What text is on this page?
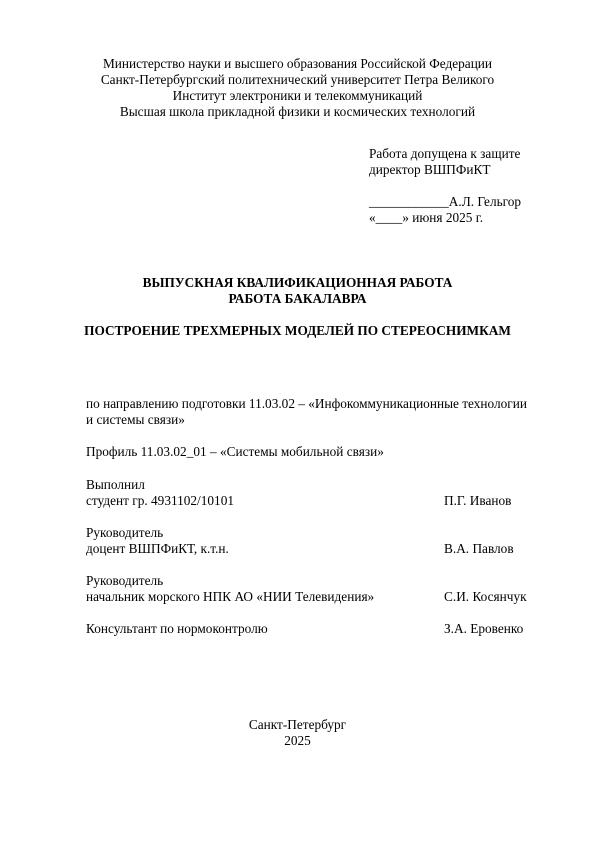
Министерство науки и высшего образования Российской Федерации
Санкт-Петербургский политехнический университет Петра Великого
Институт электроники и телекоммуникаций
Высшая школа прикладной физики и космических технологий
Работа допущена к защите
директор ВШПФиКТ
____________А.Л. Гельгор
«____» июня 2025 г.
ВЫПУСКНАЯ КВАЛИФИКАЦИОННАЯ РАБОТА
РАБОТА БАКАЛАВРА
ПОСТРОЕНИЕ ТРЕХМЕРНЫХ МОДЕЛЕЙ ПО СТЕРЕОСНИМКАМ
по направлению подготовки 11.03.02 – «Инфокоммуникационные технологии
и системы связи»
Профиль 11.03.02_01 – «Системы мобильной связи»
Выполнил
студент гр. 4931102/10101	П.Г. Иванов
Руководитель
доцент ВШПФиКТ, к.т.н.	В.А. Павлов
Руководитель
начальник морского НПК АО «НИИ Телевидения»	С.И. Косянчук
Консультант по нормоконтролю	З.А. Еровенко
Санкт-Петербург
2025
